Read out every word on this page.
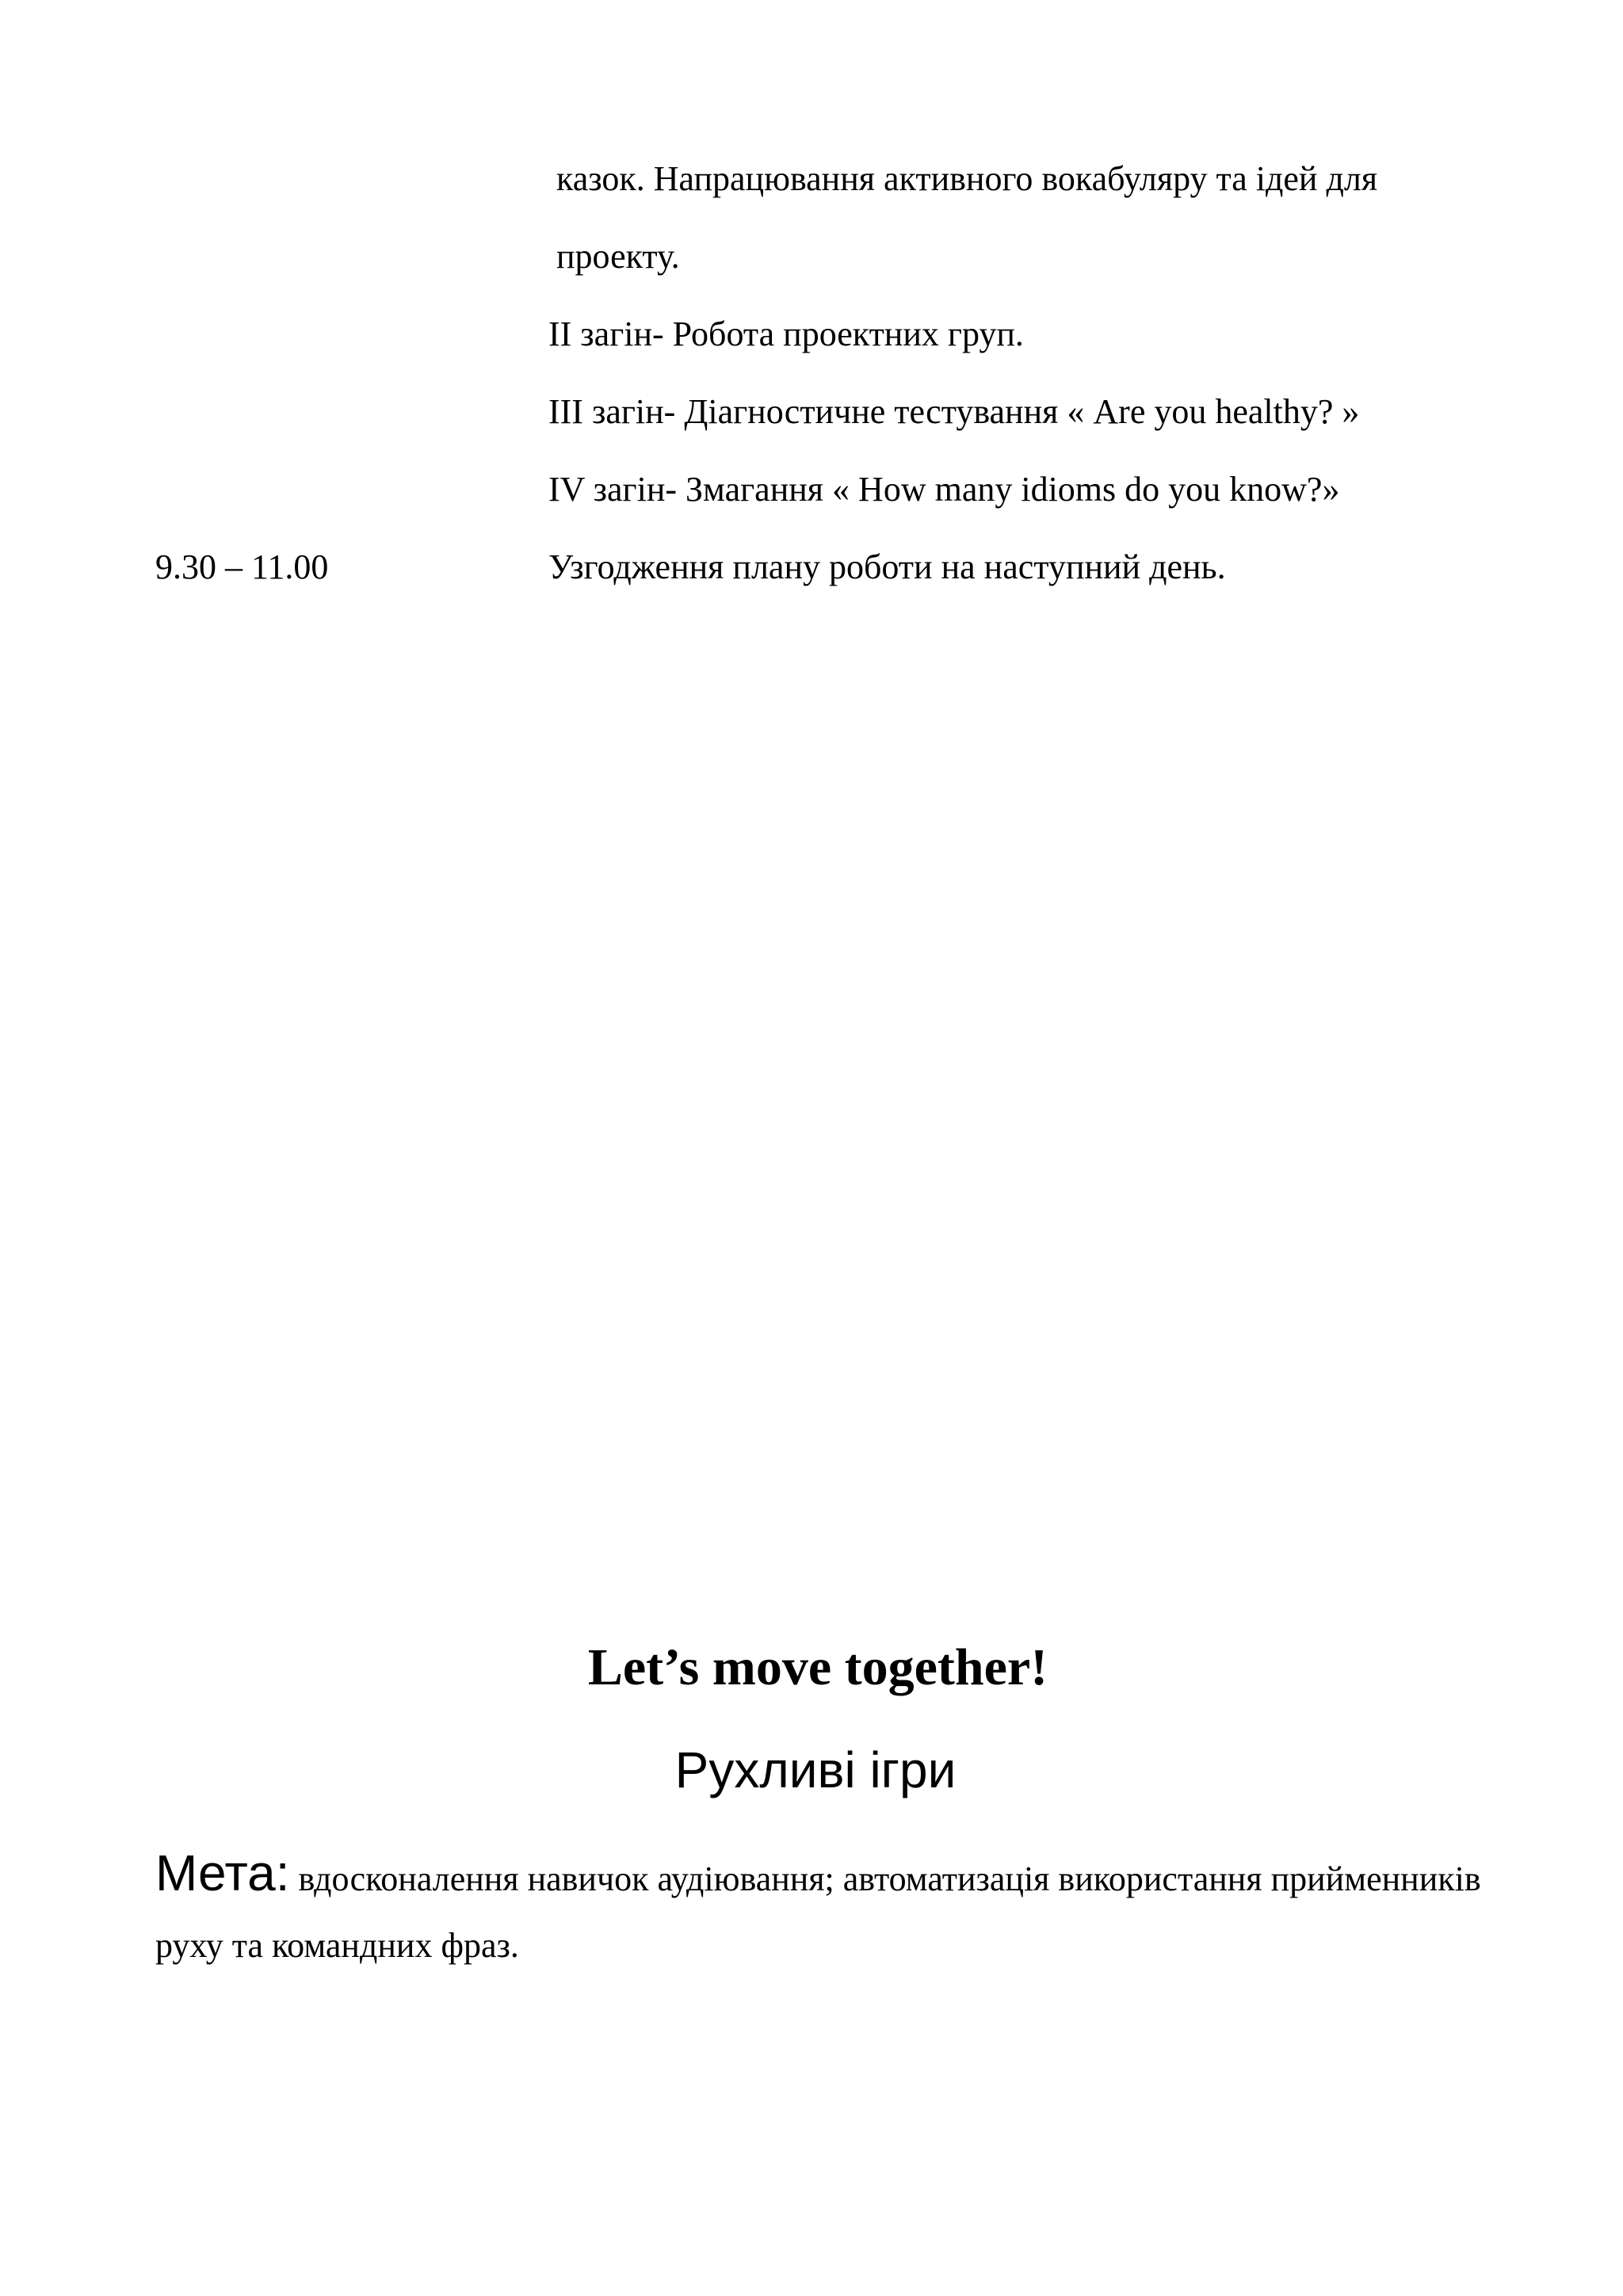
казок. Напрацювання активного вокабуляру та ідей для
проекту.
ІІ загін- Робота проектних груп.
ІІІ загін- Діагностичне тестування « Are you healthy? »
IV загін- Змагання « How many idioms do you know?»
9.30 – 11.00	Узгодження плану роботи на наступний день.
Let’s move together!
Рухливі ігри
Мета: вдосконалення навичок аудіювання; автоматизація використання прийменників руху та командних фраз.
